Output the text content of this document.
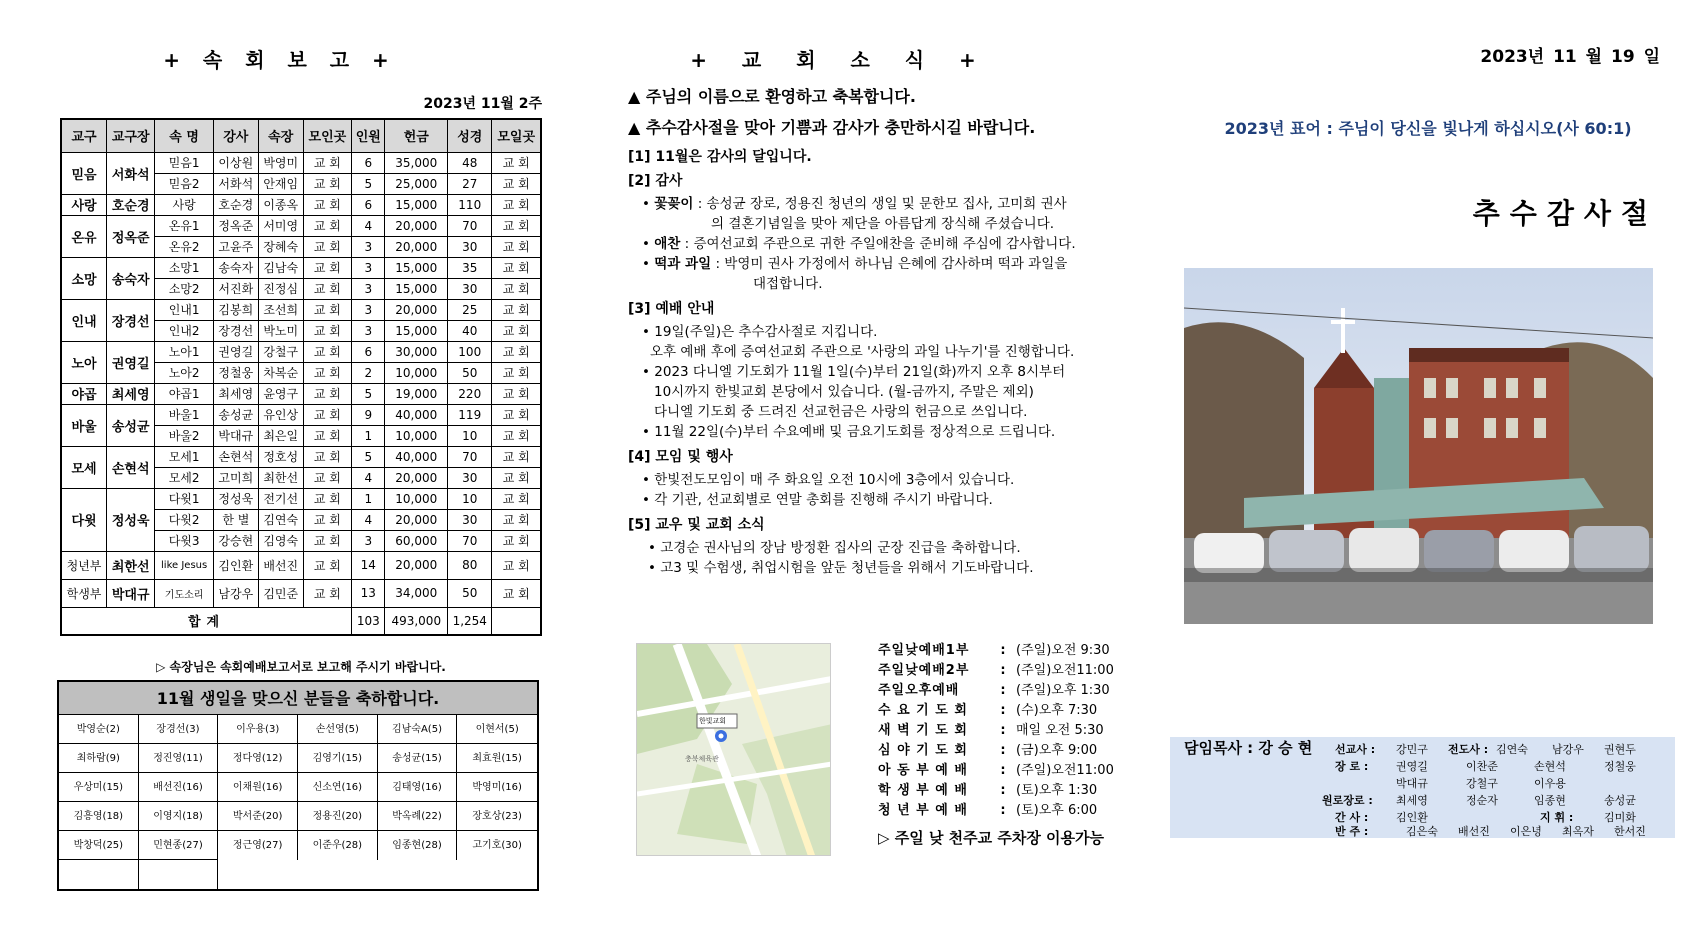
+ 속 회 보 고 +
2023년 11월 2주
교구	교구장	속 명	강사	속장	모인곳	인원	헌금	성경	모일곳
믿음	서화석	믿음1	이상원	박영미	교 회	6	35,000	48	교 회
		믿음2	서화석	안재임	교 회	5	25,000	27	교 회
사랑	호순경	사랑	호순경	이종옥	교 회	6	15,000	110	교 회
온유	정옥준	온유1	정옥준	서미영	교 회	4	20,000	70	교 회
		온유2	고윤주	장혜숙	교 회	3	20,000	30	교 회
소망	송숙자	소망1	송숙자	김남숙	교 회	3	15,000	35	교 회
		소망2	서진화	진정심	교 회	3	15,000	30	교 회
인내	장경선	인내1	김봉희	조선희	교 회	3	20,000	25	교 회
		인내2	장경선	박노미	교 회	3	15,000	40	교 회
노아	권영길	노아1	권영길	강철구	교 회	6	30,000	100	교 회
		노아2	정철웅	차복순	교 회	2	10,000	50	교 회
야곱	최세영	야곱1	최세영	윤영구	교 회	5	19,000	220	교 회
바울	송성균	바울1	송성균	유인상	교 회	9	40,000	119	교 회
		바울2	박대규	최은일	교 회	1	10,000	10	교 회
모세	손현석	모세1	손현석	정호성	교 회	5	40,000	70	교 회
		모세2	고미희	최한선	교 회	4	20,000	30	교 회
다윗	정성욱	다윗1	정성욱	전기선	교 회	1	10,000	10	교 회
		다윗2	한 별	김연숙	교 회	4	20,000	30	교 회
		다윗3	강승현	김영숙	교 회	3	60,000	70	교 회
청년부	최한선	like Jesus	김인환	배선진	교 회	14	20,000	80	교 회
학생부	박대규	기도소리	남강우	김민준	교 회	13	34,000	50	교 회
합계						103	493,000	1,254	
▷ 속장님은 속회예배보고서로 보고해 주시기 바랍니다.
11월 생일을 맞으신 분들을 축하합니다.
박영순(2)	장경선(3)	이우용(3)	손선영(5)	김남숙A(5)	이현서(5)
최하람(9)	정진영(11)	정다영(12)	김영기(15)	송성균(15)	최효원(15)
우상미(15)	배선진(16)	이채원(16)	신소연(16)	김태영(16)	박영미(16)
김흥영(18)	이영지(18)	박서준(20)	정용진(20)	박옥례(22)	장호상(23)
박창덕(25)	민현종(27)	정근영(27)	이준우(28)	임종현(28)	고기호(30)
+ 교 회 소 식 +
▲ 주님의 이름으로 환영하고 축복합니다.
▲ 추수감사절을 맞아 기쁨과 감사가 충만하시길 바랍니다.
[1] 11월은 감사의 달입니다.
[2] 감사
• 꽃꽂이 : 송성균 장로, 정용진 청년의 생일 및 문한모 집사, 고미희 권사
의 결혼기념일을 맞아 제단을 아름답게 장식해 주셨습니다.
• 애찬 : 증여선교회 주관으로 귀한 주일애찬을 준비해 주심에 감사합니다.
• 떡과 과일 : 박영미 권사 가정에서 하나님 은혜에 감사하며 떡과 과일을
대접합니다.
[3] 예배 안내
• 19일(주일)은 추수감사절로 지킵니다.
오후 예배 후에 증여선교회 주관으로 '사랑의 과일 나누기'를 진행합니다.
• 2023 다니엘 기도회가 11월 1일(수)부터 21일(화)까지 오후 8시부터
10시까지 한빛교회 본당에서 있습니다. (월-금까지, 주말은 제외)
다니엘 기도회 중 드려진 선교헌금은 사랑의 헌금으로 쓰입니다.
• 11월 22일(수)부터 수요예배 및 금요기도회를 정상적으로 드립니다.
[4] 모임 및 행사
• 한빛전도모임이 매 주 화요일 오전 10시에 3층에서 있습니다.
• 각 기관, 선교회별로 연말 총회를 진행해 주시기 바랍니다.
[5] 교우 및 교회 소식
• 고경순 권사님의 장남 방정환 집사의 군장 진급을 축하합니다.
• 고3 및 수험생, 취업시험을 앞둔 청년들을 위해서 기도바랍니다.
한빛교회
충북체육관
주일낮예배1부	: (주일)오전 9:30
주일낮예배2부	: (주일)오전11:00
주일오후예배	: (주일)오후 1:30
수 요 기 도 회	: (수)오후 7:30
새 벽 기 도 회	: 매일 오전 5:30
심 야 기 도 회	: (금)오후 9:00
아 동 부 예 배	: (주일)오전11:00
학 생 부 예 배	: (토)오후 1:30
청 년 부 예 배	: (토)오후 6:00
▷ 주일 낮 천주교 주차장 이용가능
2023년 11 월 19 일
2023년 표어 : 주님이 당신을 빛나게 하십시오(사 60:1)
추수감사절
담임목사 : 강 승 현 선교사 : 강민구 전도사 : 김연숙 남강우 권현두
장 로 :	권영길	이찬준	손현석	정철웅
박대규	강철구	이우용
원로장로 : 최세영	정순자	임종현	송성균
간 사 :	김인환	지 휘 :	김미화
반 주 :	김은숙 배선진 이은녕 최옥자 한서진
